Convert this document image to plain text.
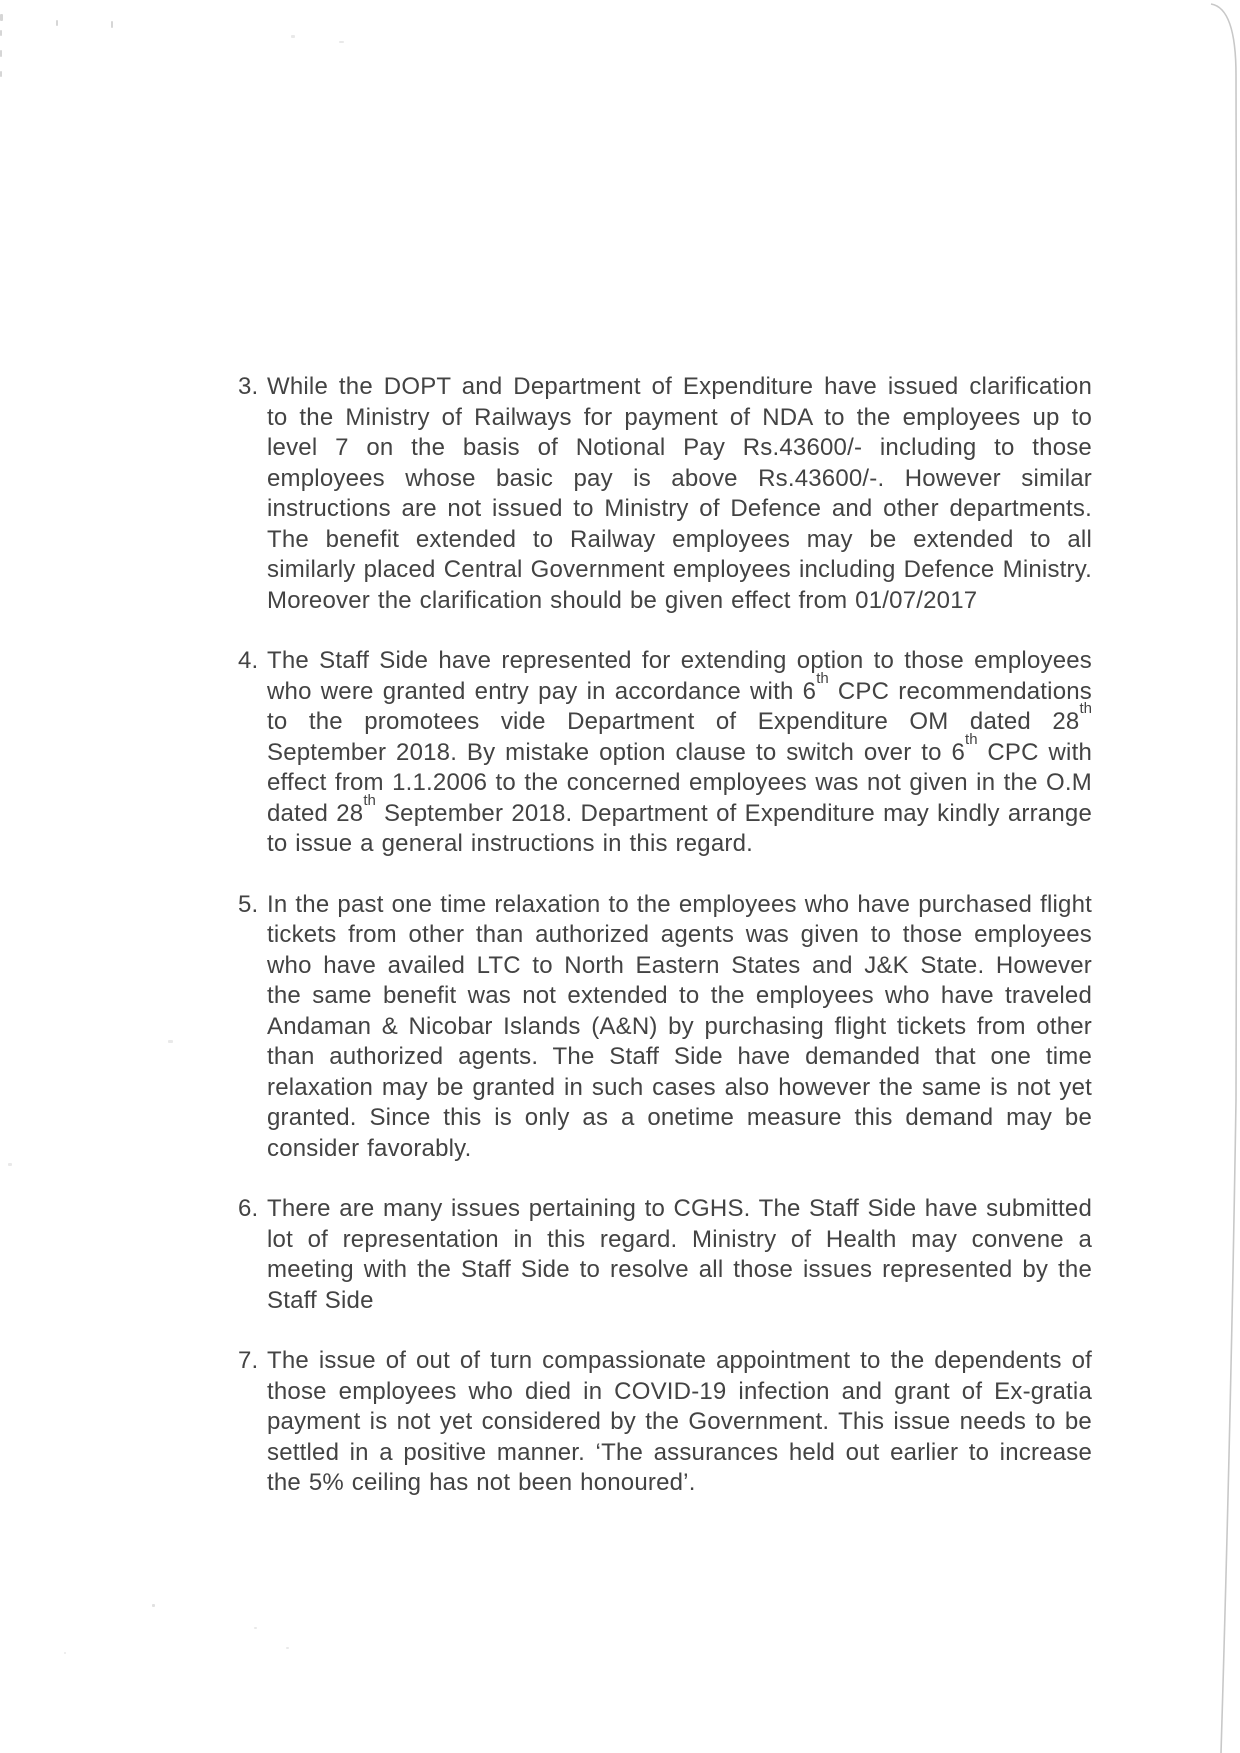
3. While the DOPT and Department of Expenditure have issued clarification to the Ministry of Railways for payment of NDA to the employees up to level 7 on the basis of Notional Pay Rs.43600/- including to those employees whose basic pay is above Rs.43600/-. However similar instructions are not issued to Ministry of Defence and other departments. The benefit extended to Railway employees may be extended to all similarly placed Central Government employees including Defence Ministry. Moreover the clarification should be given effect from 01/07/2017
4. The Staff Side have represented for extending option to those employees who were granted entry pay in accordance with 6th CPC recommendations to the promotees vide Department of Expenditure OM dated 28th September 2018. By mistake option clause to switch over to 6th CPC with effect from 1.1.2006 to the concerned employees was not given in the O.M dated 28th September 2018. Department of Expenditure may kindly arrange to issue a general instructions in this regard.
5. In the past one time relaxation to the employees who have purchased flight tickets from other than authorized agents was given to those employees who have availed LTC to North Eastern States and J&K State. However the same benefit was not extended to the employees who have traveled Andaman & Nicobar Islands (A&N) by purchasing flight tickets from other than authorized agents. The Staff Side have demanded that one time relaxation may be granted in such cases also however the same is not yet granted. Since this is only as a onetime measure this demand may be consider favorably.
6. There are many issues pertaining to CGHS. The Staff Side have submitted lot of representation in this regard. Ministry of Health may convene a meeting with the Staff Side to resolve all those issues represented by the Staff Side
7. The issue of out of turn compassionate appointment to the dependents of those employees who died in COVID-19 infection and grant of Ex-gratia payment is not yet considered by the Government. This issue needs to be settled in a positive manner. ‘The assurances held out earlier to increase the 5% ceiling has not been honoured’.
